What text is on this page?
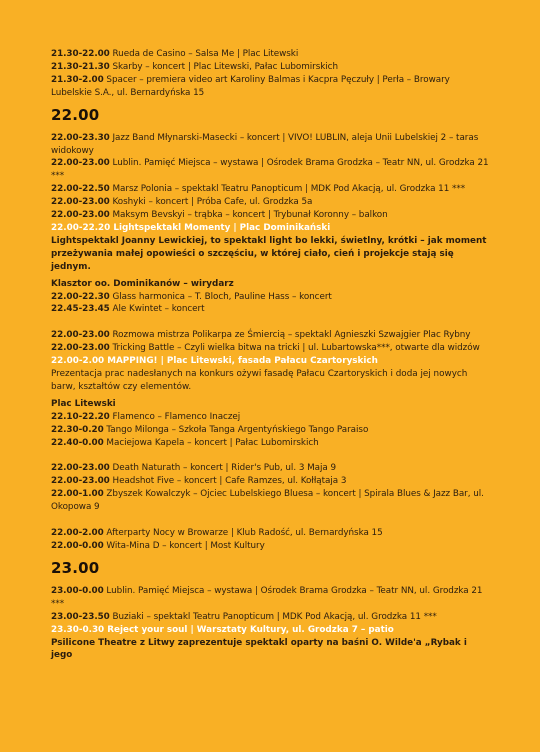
21.30-22.00 Rueda de Casino – Salsa Me | Plac Litewski
21.30-21.30 Skarby – koncert | Plac Litewski, Pałac Lubomirskich
21.30-2.00 Spacer – premiera video art Karoliny Balmas i Kacpra Pęczuły | Perła – Browary Lubelskie S.A., ul. Bernardyńska 15
22.00
22.00-23.30 Jazz Band Młynarski-Masecki – koncert | VIVO! LUBLIN, aleja Unii Lubelskiej 2 – taras widokowy
22.00-23.00 Lublin. Pamięć Miejsca – wystawa | Ośrodek Brama Grodzka – Teatr NN, ul. Grodzka 21 ***
22.00-22.50 Marsz Polonia – spektakl Teatru Panopticum | MDK Pod Akacją, ul. Grodzka 11 ***
22.00-23.00 Koshyki – koncert | Próba Cafe, ul. Grodzka 5a
22.00-23.00 Maksym Bevskyi – trąbka – koncert | Trybunał Koronny – balkon
22.00-22.20 Lightspektakl Momenty | Plac Dominikański
Lightspektakl Joanny Lewickiej, to spektakl light bo lekki, świetlny, krótki – jak moment przeżywania małej opowieści o szczęściu, w której ciało, cień i projekcje stają się jednym.
Klasztor oo. Dominikanów – wirydarz
22.00-22.30 Glass harmonica – T. Bloch, Pauline Hass – koncert
22.45-23.45 Ale Kwintet – koncert
22.00-23.00 Rozmowa mistrza Polikarpa ze Śmiercią – spektakl Agnieszki Szwajgier Plac Rybny
22.00-23.00 Tricking Battle – Czyli wielka bitwa na tricki | ul. Lubartowska***, otwarte dla widzów
22.00-2.00 MAPPING! | Plac Litewski, fasada Pałacu Czartoryskich
Prezentacja prac nadesłanych na konkurs ożywi fasadę Pałacu Czartoryskich i doda jej nowych barw, kształtów czy elementów.
Plac Litewski
22.10-22.20 Flamenco – Flamenco Inaczej
22.30-0.20 Tango Milonga – Szkoła Tanga Argentyńskiego Tango Paraiso
22.40-0.00 Maciejowa Kapela – koncert | Pałac Lubomirskich
22.00-23.00 Death Naturath – koncert | Rider's Pub, ul. 3 Maja 9
22.00-23.00 Headshot Five – koncert | Cafe Ramzes, ul. Kołłątaja 3
22.00-1.00 Zbyszek Kowalczyk – Ojciec Lubelskiego Bluesa – koncert | Spirala Blues & Jazz Bar, ul. Okopowa 9
22.00-2.00 Afterparty Nocy w Browarze | Klub Radość, ul. Bernardyńska 15
22.00-0.00 Wita-Mina D – koncert | Most Kultury
23.00
23.00-0.00 Lublin. Pamięć Miejsca – wystawa | Ośrodek Brama Grodzka – Teatr NN, ul. Grodzka 21 ***
23.00-23.50 Buziaki – spektakl Teatru Panopticum | MDK Pod Akacją, ul. Grodzka 11 ***
23.30-0.30 Reject your soul | Warsztaty Kultury, ul. Grodzka 7 – patio
Psilicone Theatre z Litwy zaprezentuje spektakl oparty na baśni O. Wilde'a „Rybak i jego
